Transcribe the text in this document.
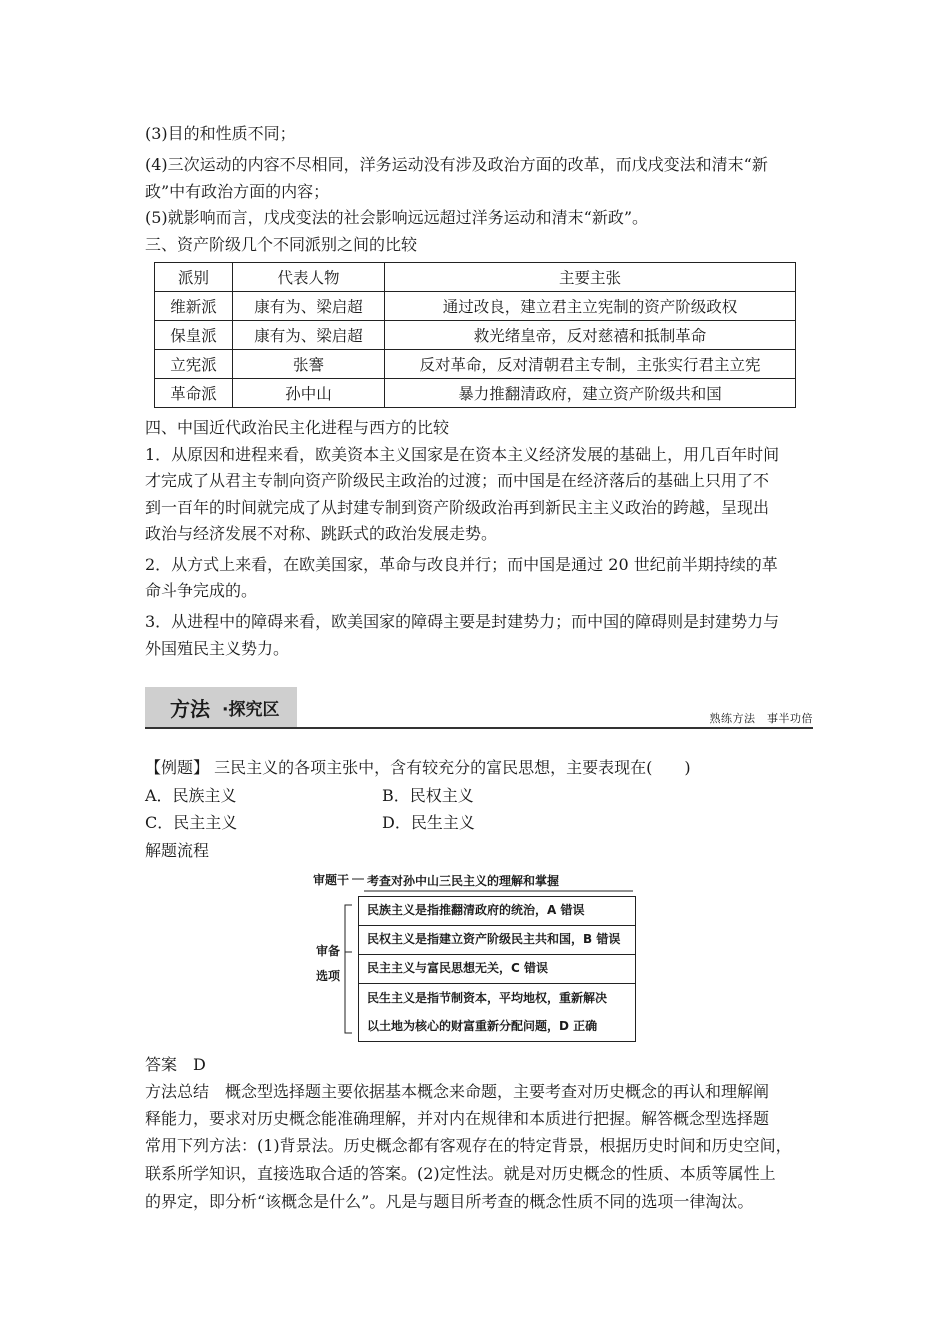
(3)目的和性质不同；
(4)三次运动的内容不尽相同，洋务运动没有涉及政治方面的改革，而戊戌变法和清末“新
政”中有政治方面的内容；
(5)就影响而言，戊戌变法的社会影响远远超过洋务运动和清末“新政”。
三、资产阶级几个不同派别之间的比较
派别	代表人物	主要主张
维新派	康有为、梁启超	通过改良，建立君主立宪制的资产阶级政权
保皇派	康有为、梁启超	救光绪皇帝，反对慈禧和抵制革命
立宪派	张謇	反对革命，反对清朝君主专制，主张实行君主立宪
革命派	孙中山	暴力推翻清政府，建立资产阶级共和国
四、中国近代政治民主化进程与西方的比较
1．从原因和进程来看，欧美资本主义国家是在资本主义经济发展的基础上，用几百年时间
才完成了从君主专制向资产阶级民主政治的过渡；而中国是在经济落后的基础上只用了不
到一百年的时间就完成了从封建专制到资产阶级政治再到新民主主义政治的跨越，呈现出
政治与经济发展不对称、跳跃式的政治发展走势。
2．从方式上来看，在欧美国家，革命与改良并行；而中国是通过 20 世纪前半期持续的革
命斗争完成的。
3．从进程中的障碍来看，欧美国家的障碍主要是封建势力；而中国的障碍则是封建势力与
外国殖民主义势力。
方法 ·探究区	熟练方法　事半功倍
【例题】 三民主义的各项主张中，含有较充分的富民思想，主要表现在(　　)
A．民族主义	B．民权主义
C．民主主义	D．民生主义
解题流程
审题干 考查对孙中山三民主义的理解和掌握
审备
选项
民族主义是指推翻清政府的统治，A 错误
民权主义是指建立资产阶级民主共和国，B 错误
民主主义与富民思想无关，C 错误
民生主义是指节制资本，平均地权，重新解决
以土地为核心的财富重新分配问题，D 正确
答案　D
方法总结　概念型选择题主要依据基本概念来命题，主要考查对历史概念的再认和理解阐
释能力，要求对历史概念能准确理解，并对内在规律和本质进行把握。解答概念型选择题
常用下列方法：(1)背景法。历史概念都有客观存在的特定背景，根据历史时间和历史空间，
联系所学知识，直接选取合适的答案。(2)定性法。就是对历史概念的性质、本质等属性上
的界定，即分析“该概念是什么”。凡是与题目所考查的概念性质不同的选项一律淘汰。
